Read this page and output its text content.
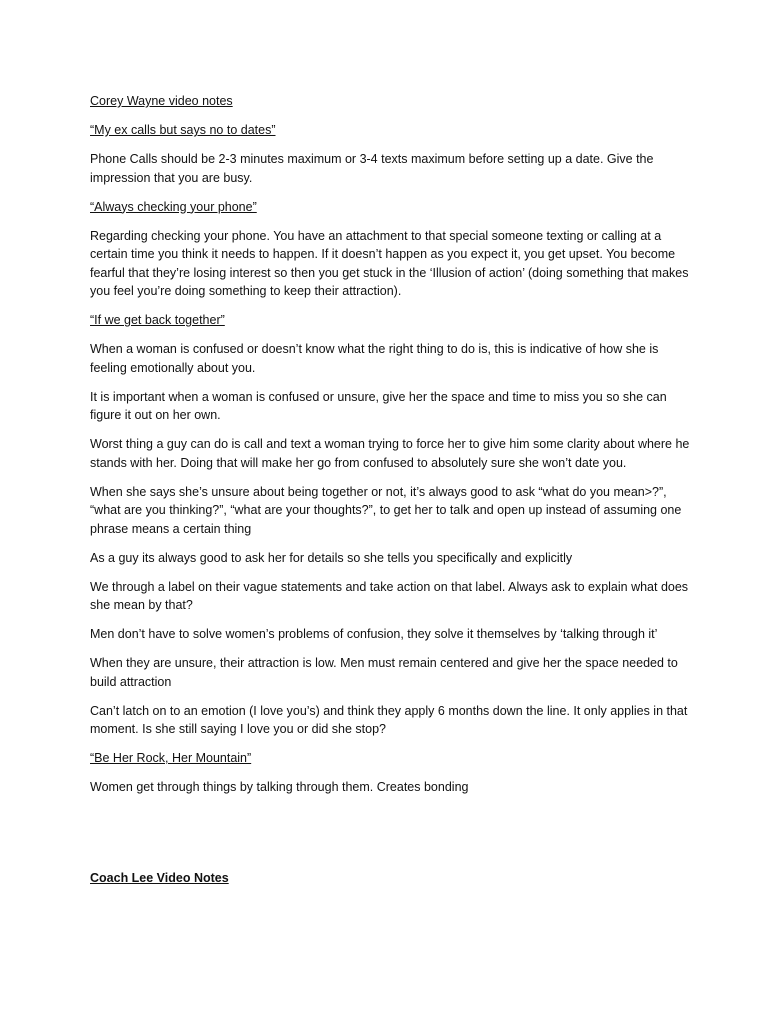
Corey Wayne video notes
“My ex calls but says no to dates”
Phone Calls should be 2-3 minutes maximum or 3-4 texts maximum before setting up a date. Give the impression that you are busy.
“Always checking your phone”
Regarding checking your phone. You have an attachment to that special someone texting or calling at a certain time you think it needs to happen. If it doesn’t happen as you expect it, you get upset. You become fearful that they’re losing interest so then you get stuck in the ‘Illusion of action’ (doing something that makes you feel you’re doing something to keep their attraction).
“If we get back together”
When a woman is confused or doesn’t know what the right thing to do is, this is indicative of how she is feeling emotionally about you.
It is important when a woman is confused or unsure, give her the space and time to miss you so she can figure it out on her own.
Worst thing a guy can do is call and text a woman trying to force her to give him some clarity about where he stands with her. Doing that will make her go from confused to absolutely sure she won’t date you.
When she says she’s unsure about being together or not, it’s always good to ask “what do you mean>?”, “what are you thinking?”, “what are your thoughts?”, to get her to talk and open up instead of assuming one phrase means a certain thing
As a guy its always good to ask her for details so she tells you specifically and explicitly
We through a label on their vague statements and take action on that label. Always ask to explain what does she mean by that?
Men don’t have to solve women’s problems of confusion, they solve it themselves by ‘talking through it’
When they are unsure, their attraction is low. Men must remain centered and give her the space needed to build attraction
Can’t latch on to an emotion (I love you’s) and think they apply 6 months down the line. It only applies in that moment. Is she still saying I love you or did she stop?
“Be Her Rock, Her Mountain”
Women get through things by talking through them. Creates bonding
Coach Lee Video Notes
